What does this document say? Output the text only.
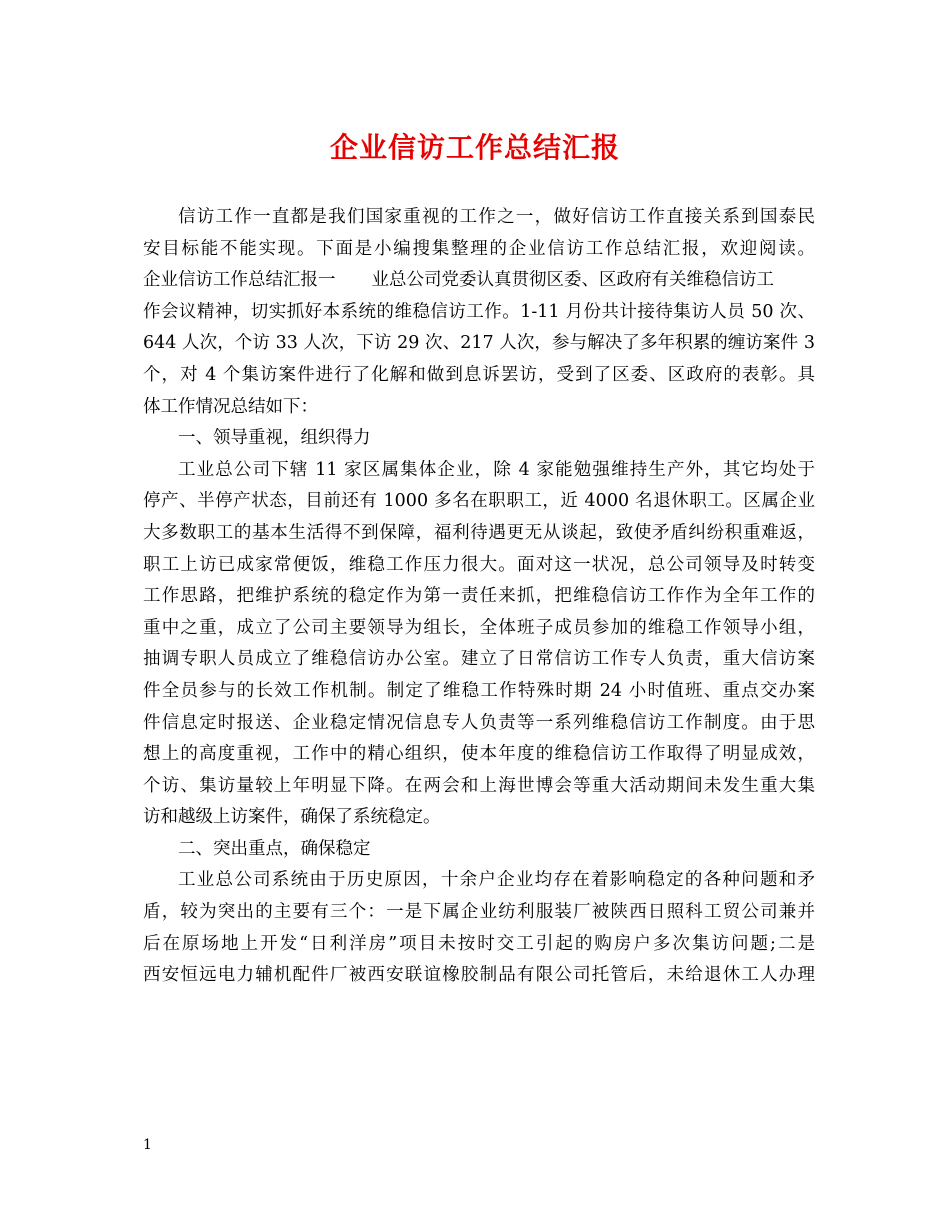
企业信访工作总结汇报
信访工作一直都是我们国家重视的工作之一，做好信访工作直接关系到国泰民
安目标能不能实现。下面是小编搜集整理的企业信访工作总结汇报，欢迎阅读。
企业信访工作总结汇报一 业总公司党委认真贯彻区委、区政府有关维稳信访工
作会议精神，切实抓好本系统的维稳信访工作。1-11 月份共计接待集访人员 50 次、
644 人次，个访 33 人次，下访 29 次、217 人次，参与解决了多年积累的缠访案件 3
个，对 4 个集访案件进行了化解和做到息诉罢访，受到了区委、区政府的表彰。具
体工作情况总结如下：
一、领导重视，组织得力
工业总公司下辖 11 家区属集体企业，除 4 家能勉强维持生产外，其它均处于
停产、半停产状态，目前还有 1000 多名在职职工，近 4000 名退休职工。区属企业
大多数职工的基本生活得不到保障，福利待遇更无从谈起，致使矛盾纠纷积重难返，
职工上访已成家常便饭，维稳工作压力很大。面对这一状况，总公司领导及时转变
工作思路，把维护系统的稳定作为第一责任来抓，把维稳信访工作作为全年工作的
重中之重，成立了公司主要领导为组长，全体班子成员参加的维稳工作领导小组，
抽调专职人员成立了维稳信访办公室。建立了日常信访工作专人负责，重大信访案
件全员参与的长效工作机制。制定了维稳工作特殊时期 24 小时值班、重点交办案
件信息定时报送、企业稳定情况信息专人负责等一系列维稳信访工作制度。由于思
想上的高度重视，工作中的精心组织，使本年度的维稳信访工作取得了明显成效，
个访、集访量较上年明显下降。在两会和上海世博会等重大活动期间未发生重大集
访和越级上访案件，确保了系统稳定。
二、突出重点，确保稳定
工业总公司系统由于历史原因，十余户企业均存在着影响稳定的各种问题和矛
盾，较为突出的主要有三个：一是下属企业纺利服装厂被陕西日照科工贸公司兼并
后在原场地上开发“日利洋房”项目未按时交工引起的购房户多次集访问题;二是
西安恒远电力辅机配件厂被西安联谊橡胶制品有限公司托管后，未给退休工人办理
1
